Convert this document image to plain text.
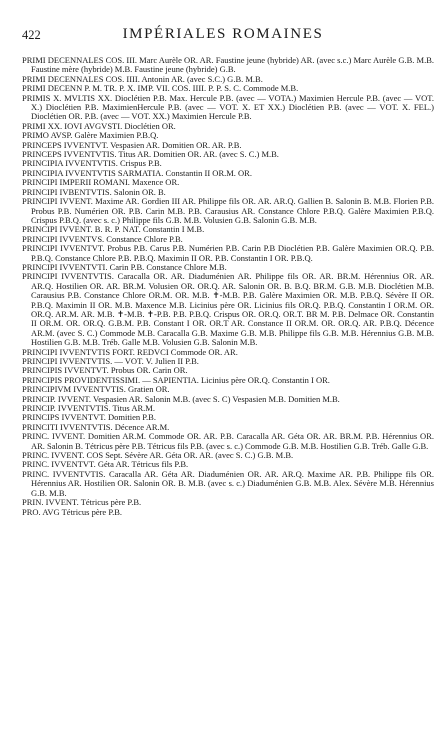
422	IMPÉRIALES ROMAINES

PRIMI DECENNALES COS. III. Marc Aurèle OR. AR. Faustine jeune (hybride) AR. (avec s.c.) Marc Aurèle G.B. M.B. Faustine mère (hybride) M.B. Faustine jeune (hybride) G.B.

PRIMI DECENNALES COS. IIII. Antonin AR. (avec S.C.) G.B. M.B.

PRIMI DECENN P. M. TR. P. X. IMP. VII. COS. IIII. P. P. S. C. Commode M.B.

PRIMIS X. MVLTIS XX. Dioclétien P.B. Max. Hercule P.B. (avec — VOTA.) Maximien Hercule P.B. (avec — VOT. X.) Dioclétien P.B. MaximienHercule P.B. (avec — VOT. X. ET XX.) Dioclétien P.B. (avec — VOT. X. FEL.) Dioclétien OR. P.B. (avec — VOT. XX.) Maximien Hercule P.B.

PRIMI XX. IOVI AVGVSTI. Dioclétien OR.

PRIMO AVSP. Galère Maximien P.B.Q.

PRINCEPS IVVENTVT. Vespasien AR. Domitien OR. AR. P.B.

PRINCEPS IVVENTVTIS. Titus AR. Domitien OR. AR. (avec S. C.) M.B.

PRINCIPIA IVVENTVTIS. Crispus P.B.

PRINCIPIA IVVENTVTIS SARMATIA. Constantin II OR.M. OR.

PRINCIPI IMPERII ROMANI. Maxence OR.

PRINCIPI IVBENTVTIS. Salonin OR. B.

PRINCIPI IVVENT. Maxime AR. Gordien III AR. Philippe fils OR. AR. AR.Q. Gallien B. Salonin B. M.B. Florien P.B. Probus P.B. Numérien OR. P.B. Carin M.B. P.B. Carausius AR. Constance Chlore P.B.Q. Galère Maximien P.B.Q. Crispus P.B.Q. (avec s. c.) Philippe fils G.B. M.B. Volusien G.B. Salonin G.B. M.B.

PRINCIPI IVVENT. B. R. P. NAT. Constantin I M.B.

PRINCIPI IVVENTVS. Constance Chlore P.B.

PRINCIPI IVVENTVT. Probus P.B. Carus P.B. Numérien P.B. Carin P.B Dioclétien P.B. Galère Maximien OR.Q. P.B. P.B.Q. Constance Chlore P.B. P.B.Q. Maximin II OR. P.B. Constantin I OR. P.B.Q.

PRINCIPI IVVENTVTI. Carin P.B. Constance Chlore M.B.

PRINCIPI IVVENTVTIS. Caracalla OR. AR. Diaduménien AR. Philippe fils OR. AR. BR.M. Hérennius OR. AR. AR.Q. Hostilien OR. AR. BR.M. Volusien OR. OR.Q. AR. Salonin OR. B. B.Q. BR.M. G.B. M.B. Dioclétien M.B. Carausius P.B. Constance Chlore OR.M. OR. M.B. ✝-M.B. P.B. Galère Maximien OR. M.B. P.B.Q. Sévère II OR. P.B.Q. Maximin II OR. M.B. Maxence M.B. Licinius père OR. Licinius fils OR.Q. P.B.Q. Constantin I OR.M. OR. OR.Q. AR.M. AR. M.B. ✝-M.B. ✝-P.B. P.B. P.B.Q. Crispus OR. OR.Q. OR.T. BR M. P.B. Delmace OR. Constantin II OR.M. OR. OR.Q. G.B.M. P.B. Constant I OR. OR.T AR. Constance II OR.M. OR. OR.Q. AR. P.B.Q. Décence AR.M. (avec S. C.) Commode M.B. Caracalla G.B. Maxime G.B. M.B. Philippe fils G.B. M.B. Hérennius G.B. M.B. Hostilien G.B. M.B. Tréb. Galle M.B. Volusien G.B. Salonin M.B.

PRINCIPI IVVENTVTIS FORT. REDVCI Commode OR. AR.

PRINCIPI IVVENTVTIS. — VOT. V. Julien II P.B.

PRINCIPIS IVVENTVT. Probus OR. Carin OR.

PRINCIPIS PROVIDENTISSIMI. — SAPIENTIA. Licinius père OR.Q. Constantin I OR.

PRINCIPIVM IVVENTVTIS. Gratien OR.

PRINCIP. IVVENT. Vespasien AR. Salonin M.B. (avec S. C) Vespasien M.B. Domitien M.B.

PRINCIP. IVVENTVTIS. Titus AR.M.

PRINCIPS IVVENTVT. Domitien P.B.

PRINCITI IVVENTVTIS. Décence AR.M.

PRINC. IVVENT. Domitien AR.M. Commode OR. AR. P.B. Caracalla AR. Géta OR. AR. BR.M. P.B. Hérennius OR. AR. Salonin B. Tétricus père P.B. Tétricus fils P.B. (avec s. c.) Commode G.B. M.B. Hostilien G.B. Tréb. Galle G.B.

PRINC. IVVENT. COS Sept. Sévère AR. Géta OR. AR. (avec S. C.) G.B. M.B.

PRINC. IVVENTVT. Géta AR. Tétricus fils P.B.

PRINC. IVVENTVTIS. Caracalla AR. Géta AR. Diaduménien OR. AR. AR.Q. Maxime AR. P.B. Philippe fils OR. Hérennius AR. Hostilien OR. Salonin OR. B. M.B. (avec s. c.) Diaduménien G.B. M.B. Alex. Sévère M.B. Hérennius G.B. M.B.

PRIN. IVVENT. Tétricus père P.B.

PRO. AVG Tétricus père P.B.
